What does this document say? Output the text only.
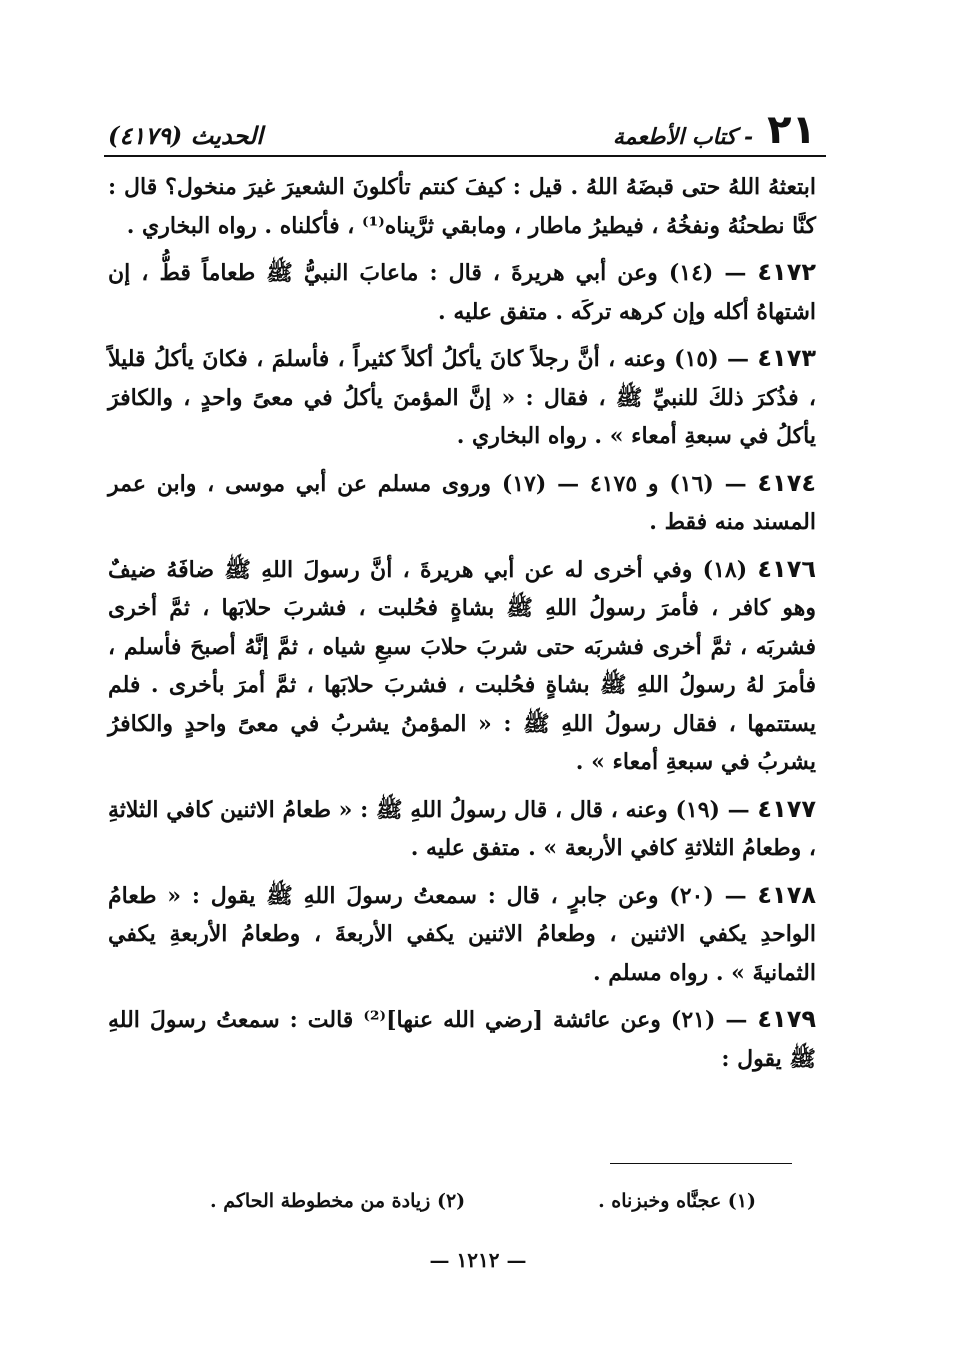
٢١
- كتاب الأطعمة
الحديث (٤١٧٩)

ابتعثهُ اللهُ حتى قبضَهُ اللهُ . قيل : كيفَ كنتم تأكلونَ الشعيرَ غيرَ منخول؟ قال : كنَّا نطحنُهُ ونفخُهُ ، فيطيرُ ماطار ، ومابقي ثرَّيناه⁽¹⁾ ، فأكلناه . رواه البخاري .

٤١٧٢ — (١٤) وعن أبي هريرةَ ، قال : ماعابَ النبيُّ ﷺ طعاماً قطُّ ، إن اشتهاهُ أكله وإن كرهه تركَه . متفق عليه .

٤١٧٣ — (١٥) وعنه ، أنَّ رجلاً كانَ يأكلُ أكلاً كثيراً ، فأسلمَ ، فكانَ يأكلُ قليلاً ، فذُكرَ ذلكَ للنبيِّ ﷺ ، فقال : « إنَّ المؤمنَ يأكلُ في معىً واحدٍ ، والكافرَ يأكلُ في سبعةِ أمعاء » . رواه البخاري .

٤١٧٤ — (١٦) و ٤١٧٥ — (١٧) وروى مسلم عن أبي موسى ، وابن عمر المسند منه فقط .

٤١٧٦ (١٨) وفي أخرى له عن أبي هريرةَ ، أنَّ رسولَ اللهِ ﷺ ضافَهُ ضيفٌ وهو كافر ، فأمرَ رسولُ اللهِ ﷺ بشاةٍ فحُلبت ، فشربَ حلابَها ، ثمَّ أخرى فشربَه ، ثمَّ أخرى فشربَه حتى شربَ حلابَ سبعِ شياه ، ثمَّ إنَّهُ أصبحَ فأسلم ، فأمرَ لهُ رسولُ اللهِ ﷺ بشاةٍ فحُلبت ، فشربَ حلابَها ، ثمَّ أمرَ بأخرى . فلم يستتمها ، فقال رسولُ اللهِ ﷺ : « المؤمنُ يشربُ في معىً واحدٍ والكافرُ يشربُ في سبعةِ أمعاء » .

٤١٧٧ — (١٩) وعنه ، قال ، قال رسولُ اللهِ ﷺ : « طعامُ الاثنين كافي الثلاثةِ ، وطعامُ الثلاثةِ كافي الأربعة » . متفق عليه .

٤١٧٨ — (٢٠) وعن جابرٍ ، قال : سمعتُ رسولَ اللهِ ﷺ يقول : « طعامُ الواحدِ يكفي الاثنين ، وطعامُ الاثنين يكفي الأربعةَ ، وطعامُ الأربعةِ يكفي الثمانيةَ » . رواه مسلم .

٤١٧٩ — (٢١) وعن عائشة [رضي الله عنها]⁽²⁾ قالت : سمعتُ رسولَ اللهِ ﷺ يقول :

(١) عجنَّاه وخبزناه .
(٢) زيادة من مخطوطة الحاكم .
— ١٢١٢ —
